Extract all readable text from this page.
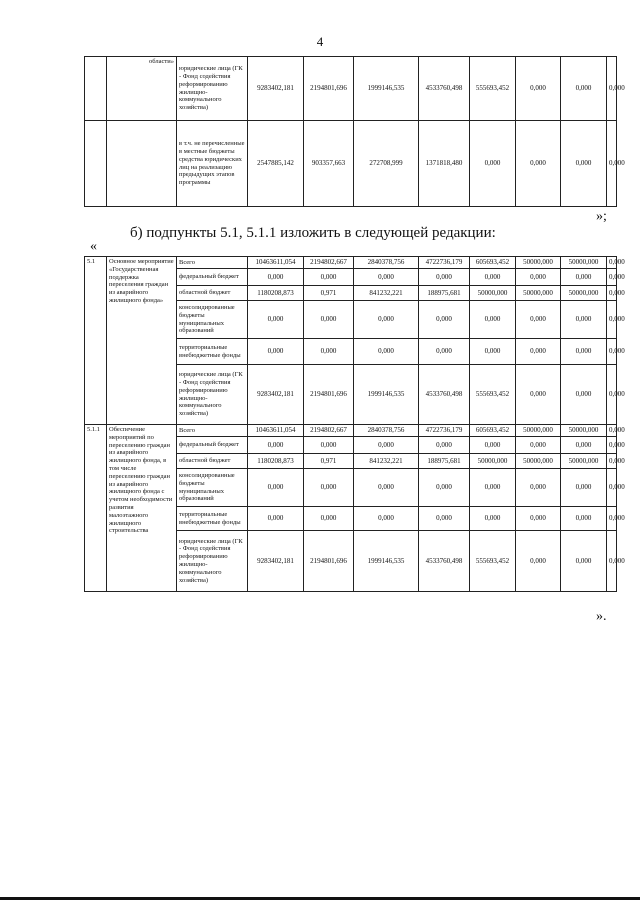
4
	области»	юридические лица (ГК - Фонд содействия реформированию жилищно-коммунального хозяйства)	9283402,181	2194801,696	1999146,535	4533760,498	555693,452	0,000	0,000	0,000	
		в т.ч. не перечисленные в местные бюджеты средства юридических лиц на реализацию предыдущих этапов программы	2547885,142	903357,663	272708,999	1371818,480	0,000	0,000	0,000	0,000	
»;
б) подпункты 5.1, 5.1.1 изложить в следующей редакции:
«
5.1	Основное мероприятие «Государственная поддержка переселения граждан из аварийного жилищного фонда»	Всего	10463611,054	2194802,667	2840378,756	4722736,179	605693,452	50000,000	50000,000	0,000	
		федеральный бюджет	0,000	0,000	0,000	0,000	0,000	0,000	0,000	0,000	
		областной бюджет	1180208,873	0,971	841232,221	188975,681	50000,000	50000,000	50000,000	0,000	
		консолидированные бюджеты муниципальных образований	0,000	0,000	0,000	0,000	0,000	0,000	0,000	0,000	
		территориальные внебюджетные фонды	0,000	0,000	0,000	0,000	0,000	0,000	0,000	0,000	
		юридические лица (ГК - Фонд содействия реформированию жилищно-коммунального хозяйства)	9283402,181	2194801,696	1999146,535	4533760,498	555693,452	0,000	0,000	0,000	
5.1.1	Обеспечение мероприятий по переселению граждан из аварийного жилищного фонда, в том числе переселению граждан из аварийного жилищного фонда с учетом необходимости развития малоэтажного жилищного строительства	Всего	10463611,054	2194802,667	2840378,756	4722736,179	605693,452	50000,000	50000,000	0,000	
		федеральный бюджет	0,000	0,000	0,000	0,000	0,000	0,000	0,000	0,000	
		областной бюджет	1180208,873	0,971	841232,221	188975,681	50000,000	50000,000	50000,000	0,000	
		консолидированные бюджеты муниципальных образований	0,000	0,000	0,000	0,000	0,000	0,000	0,000	0,000	
		территориальные внебюджетные фонды	0,000	0,000	0,000	0,000	0,000	0,000	0,000	0,000	
		юридические лица (ГК - Фонд содействия реформированию жилищно-коммунального хозяйства)	9283402,181	2194801,696	1999146,535	4533760,498	555693,452	0,000	0,000	0,000	
».
